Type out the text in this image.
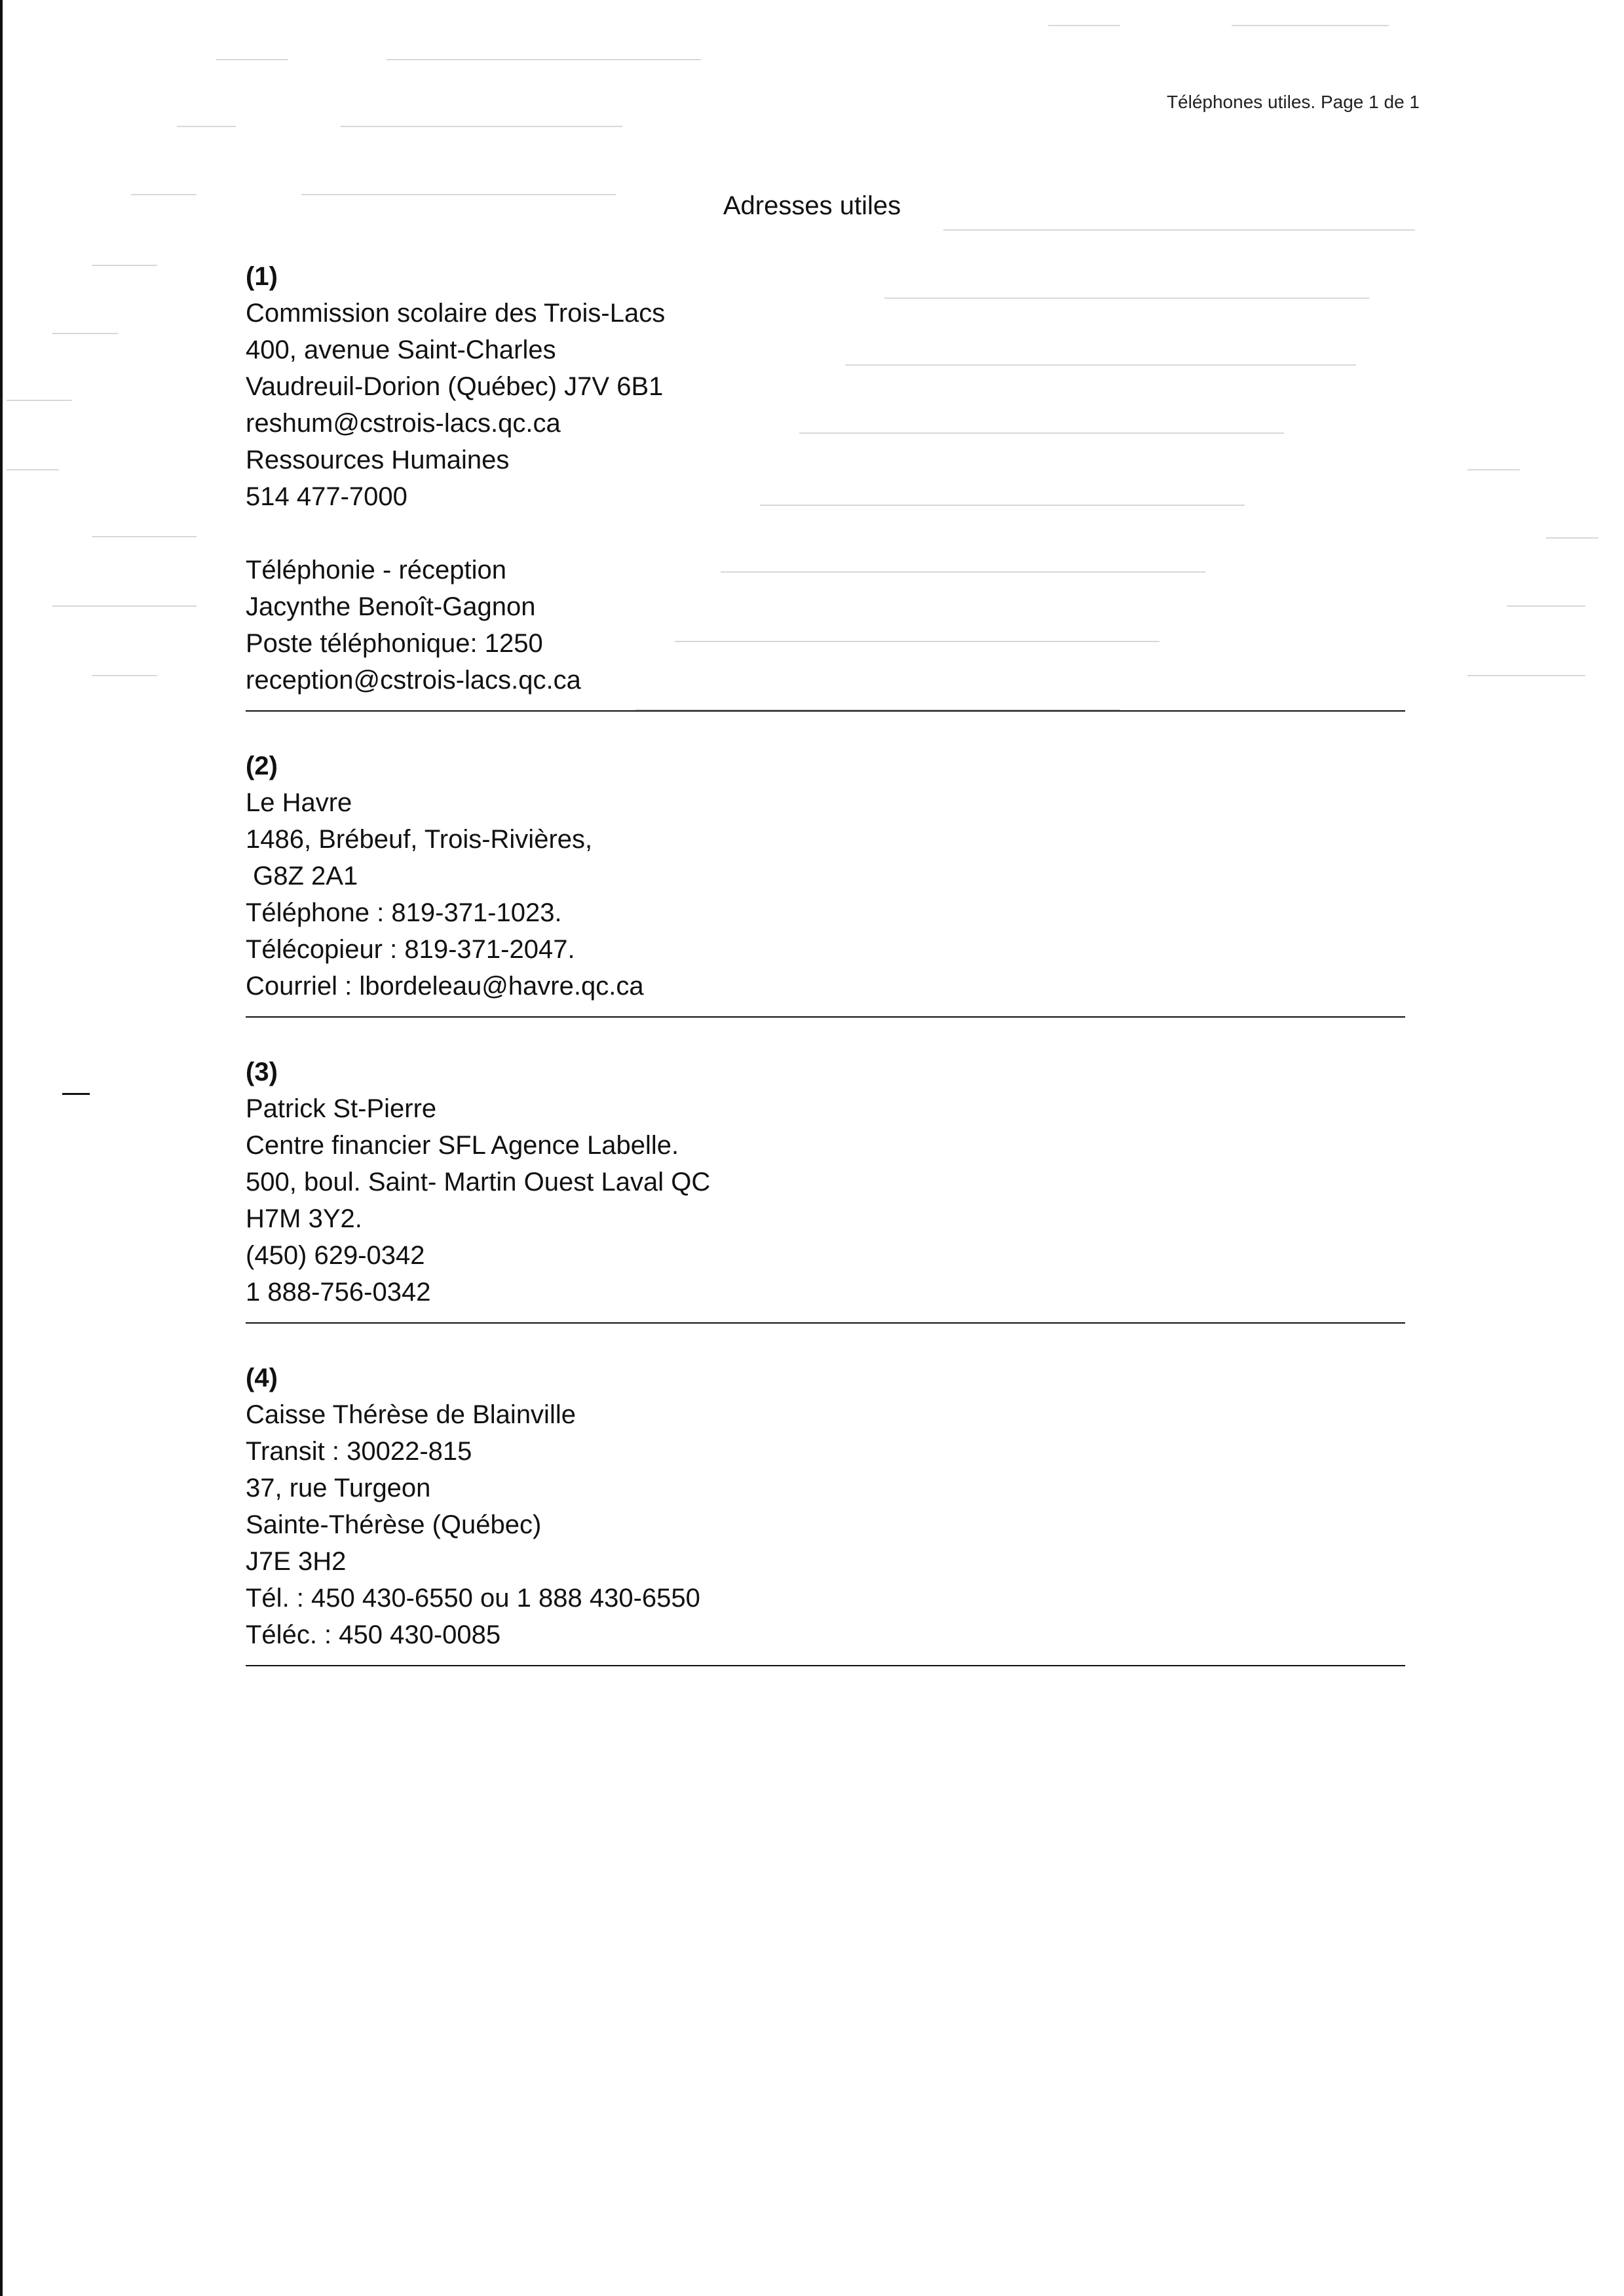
Téléphones utiles. Page 1 de 1
Adresses utiles
(1)
Commission scolaire des Trois-Lacs
400, avenue Saint-Charles
Vaudreuil-Dorion (Québec) J7V 6B1
reshum@cstrois-lacs.qc.ca
Ressources Humaines
514 477-7000
Téléphonie - réception
Jacynthe Benoît-Gagnon
Poste téléphonique: 1250
reception@cstrois-lacs.qc.ca
(2)
Le Havre
1486, Brébeuf, Trois-Rivières,
G8Z 2A1
Téléphone : 819-371-1023.
Télécopieur : 819-371-2047.
Courriel : lbordeleau@havre.qc.ca
(3)
Patrick St-Pierre
Centre financier SFL Agence Labelle.
500, boul. Saint- Martin Ouest Laval QC
H7M 3Y2.
(450) 629-0342
1 888-756-0342
(4)
Caisse Thérèse de Blainville
Transit : 30022-815
37, rue Turgeon
Sainte-Thérèse (Québec)
J7E 3H2
Tél. : 450 430-6550 ou 1 888 430-6550
Téléc. : 450 430-0085
